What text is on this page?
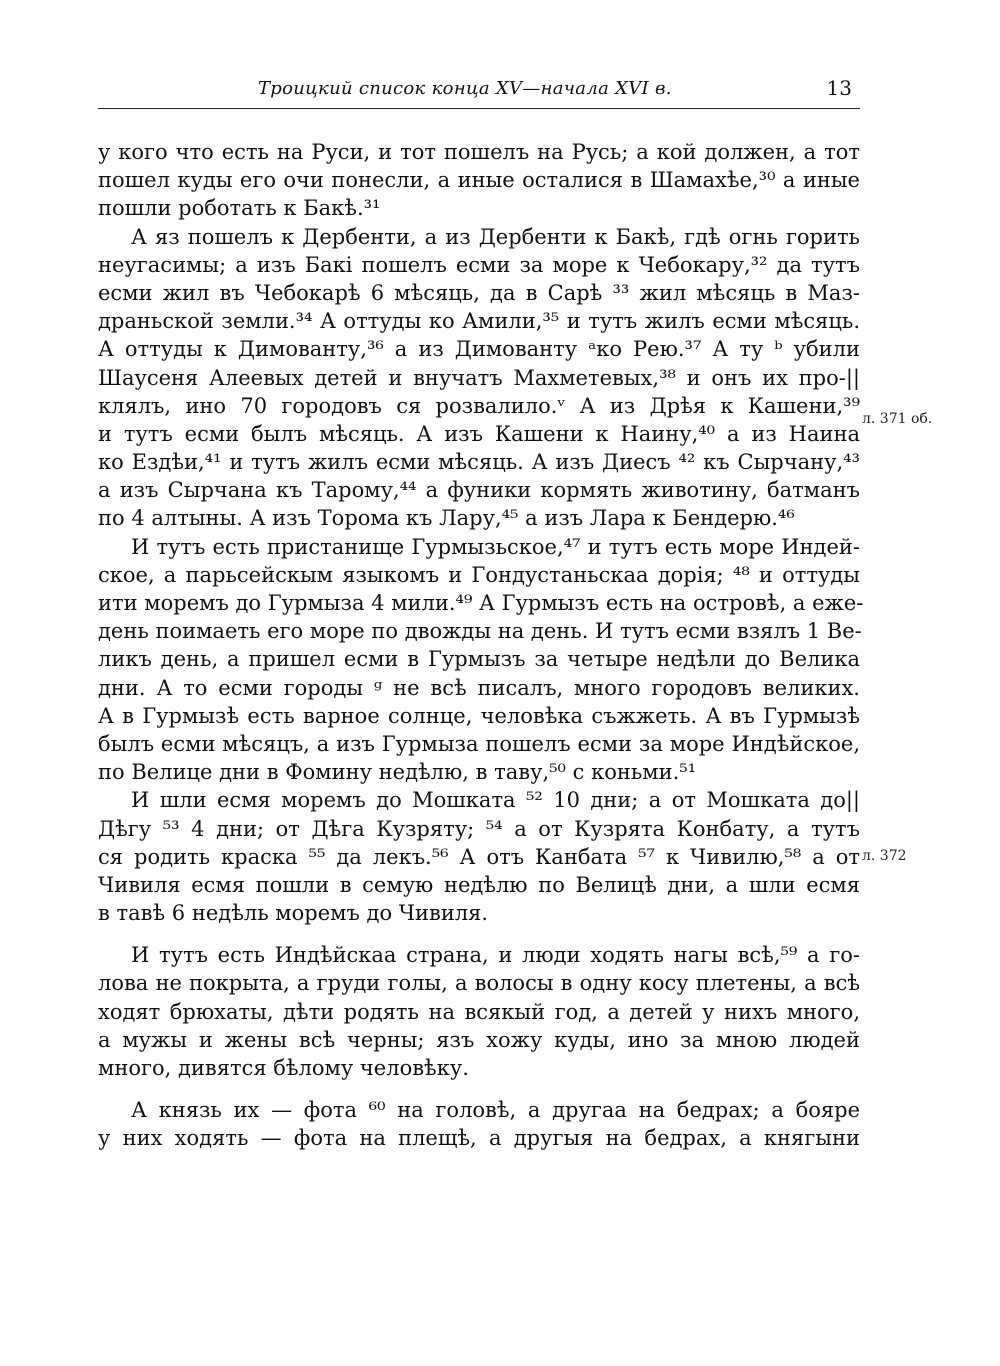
Троицкий список конца XV—начала XVI в.	13

у кого что есть на Руси, и тот пошелъ на Русь; а кой должен, а тот
пошел куды его очи понесли, а иные осталися в Шамахѣе,³⁰ а иные
пошли роботать к Бакѣ.³¹

А яз пошелъ к Дербенти, а из Дербенти к Бакѣ, гдѣ огнь горить
неугасимы; а изъ Бакі пошелъ есми за море к Чебокару,³² да тутъ
есми жил въ Чебокарѣ 6 мѣсяць, да в Сарѣ ³³ жил мѣсяць в Маз-
драньской земли.³⁴ А оттуды ко Амили,³⁵ и тутъ жилъ есми мѣсяць.
А оттуды к Димованту,³⁶ а из Димованту ᵃко Рею.³⁷ А ту ᵇ убили
Шаусеня Алеевых детей и внучатъ Махметевых,³⁸ и онъ их про-||
клялъ, ино 70 городовъ ся розвалило.ᵛ А из Дрѣя к Кашени,³⁹
и тутъ есми былъ мѣсяць. А изъ Кашени к Наину,⁴⁰ а из Наина
ко Ездѣи,⁴¹ и тутъ жилъ есми мѣсяць. А изъ Диесъ ⁴² къ Сырчану,⁴³
а изъ Сырчана къ Тарому,⁴⁴ а фуники кормять животину, батманъ
по 4 алтыны. А изъ Торома къ Лару,⁴⁵ а изъ Лара к Бендерю.⁴⁶

И тутъ есть пристанище Гурмызьское,⁴⁷ и тутъ есть море Индей-
ское, а парьсейскым языкомъ и Гондустаньскаа дорія; ⁴⁸ и оттуды
ити моремъ до Гурмыза 4 мили.⁴⁹ А Гурмызъ есть на островѣ, а еже-
день поимаеть его море по двожды на день. И тутъ есми взялъ 1 Ве-
ликъ день, а пришел есми в Гурмызъ за четыре недѣли до Велика
дни. А то есми городы ᵍ не всѣ писалъ, много городовъ великих.
А в Гурмызѣ есть варное солнце, человѣка съжжеть. А въ Гурмызѣ
былъ есми мѣсяцъ, а изъ Гурмыза пошелъ есми за море Индѣйское,
по Велице дни в Фомину недѣлю, в таву,⁵⁰ с коньми.⁵¹

И шли есмя моремъ до Мошката ⁵² 10 дни; а от Мошката до||
Дѣгу ⁵³ 4 дни; от Дѣга Кузряту; ⁵⁴ а от Кузрята Конбату, а тутъ
ся родить краска ⁵⁵ да лекъ.⁵⁶ А отъ Канбата ⁵⁷ к Чивилю,⁵⁸ а от
Чивиля есмя пошли в семую недѣлю по Велицѣ дни, а шли есмя
в тавѣ 6 недѣль моремъ до Чивиля.

И тутъ есть Индѣйскаа страна, и люди ходять нагы всѣ,⁵⁹ а го-
лова не покрыта, а груди голы, а волосы в одну косу плетены, а всѣ
ходят брюхаты, дѣти родять на всякый год, а детей у нихъ много,
а мужы и жены всѣ черны; язъ хожу куды, ино за мною людей
много, дивятся бѣлому человѣку.

А князь их — фота ⁶⁰ на головѣ, а другаа на бедрах; а бояре
у них ходять — фота на плещѣ, а другыя на бедрах, а княгыни

л. 371 об.
л. 372
